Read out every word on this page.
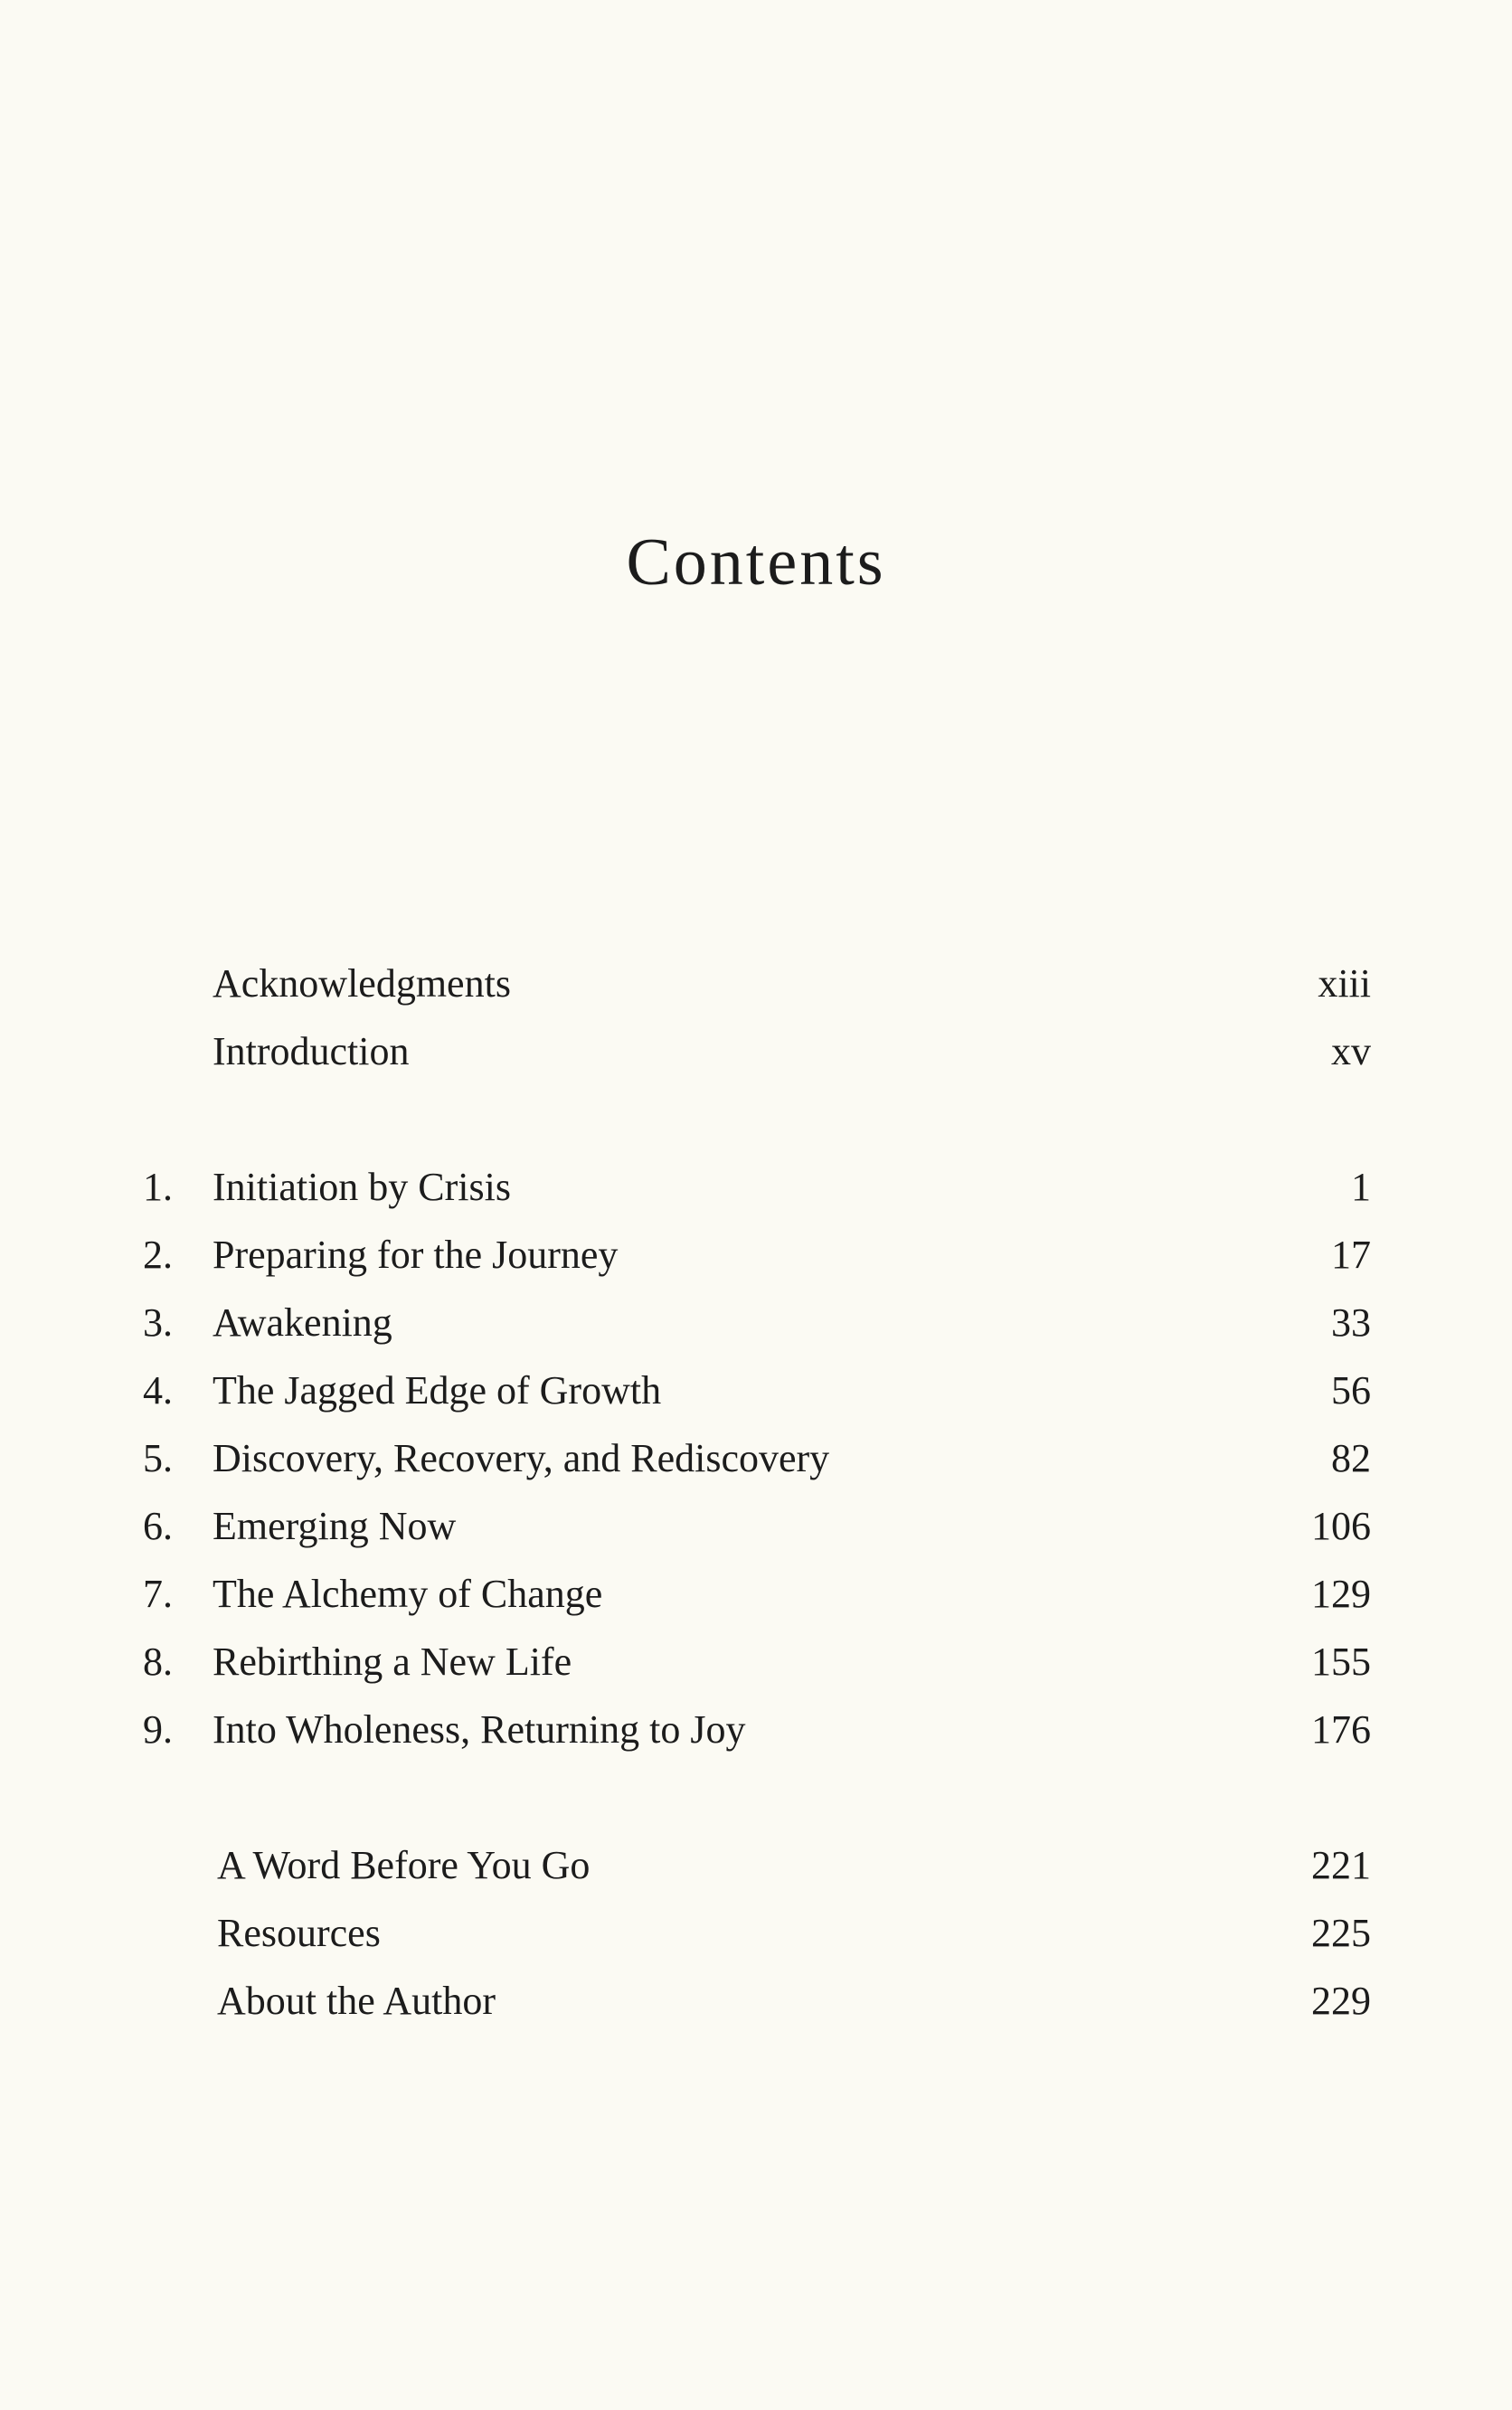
Contents
Acknowledgments	xiii
Introduction	xv
1.	Initiation by Crisis	1
2.	Preparing for the Journey	17
3.	Awakening	33
4.	The Jagged Edge of Growth	56
5.	Discovery, Recovery, and Rediscovery	82
6.	Emerging Now	106
7.	The Alchemy of Change	129
8.	Rebirthing a New Life	155
9.	Into Wholeness, Returning to Joy	176
A Word Before You Go	221
Resources	225
About the Author	229
